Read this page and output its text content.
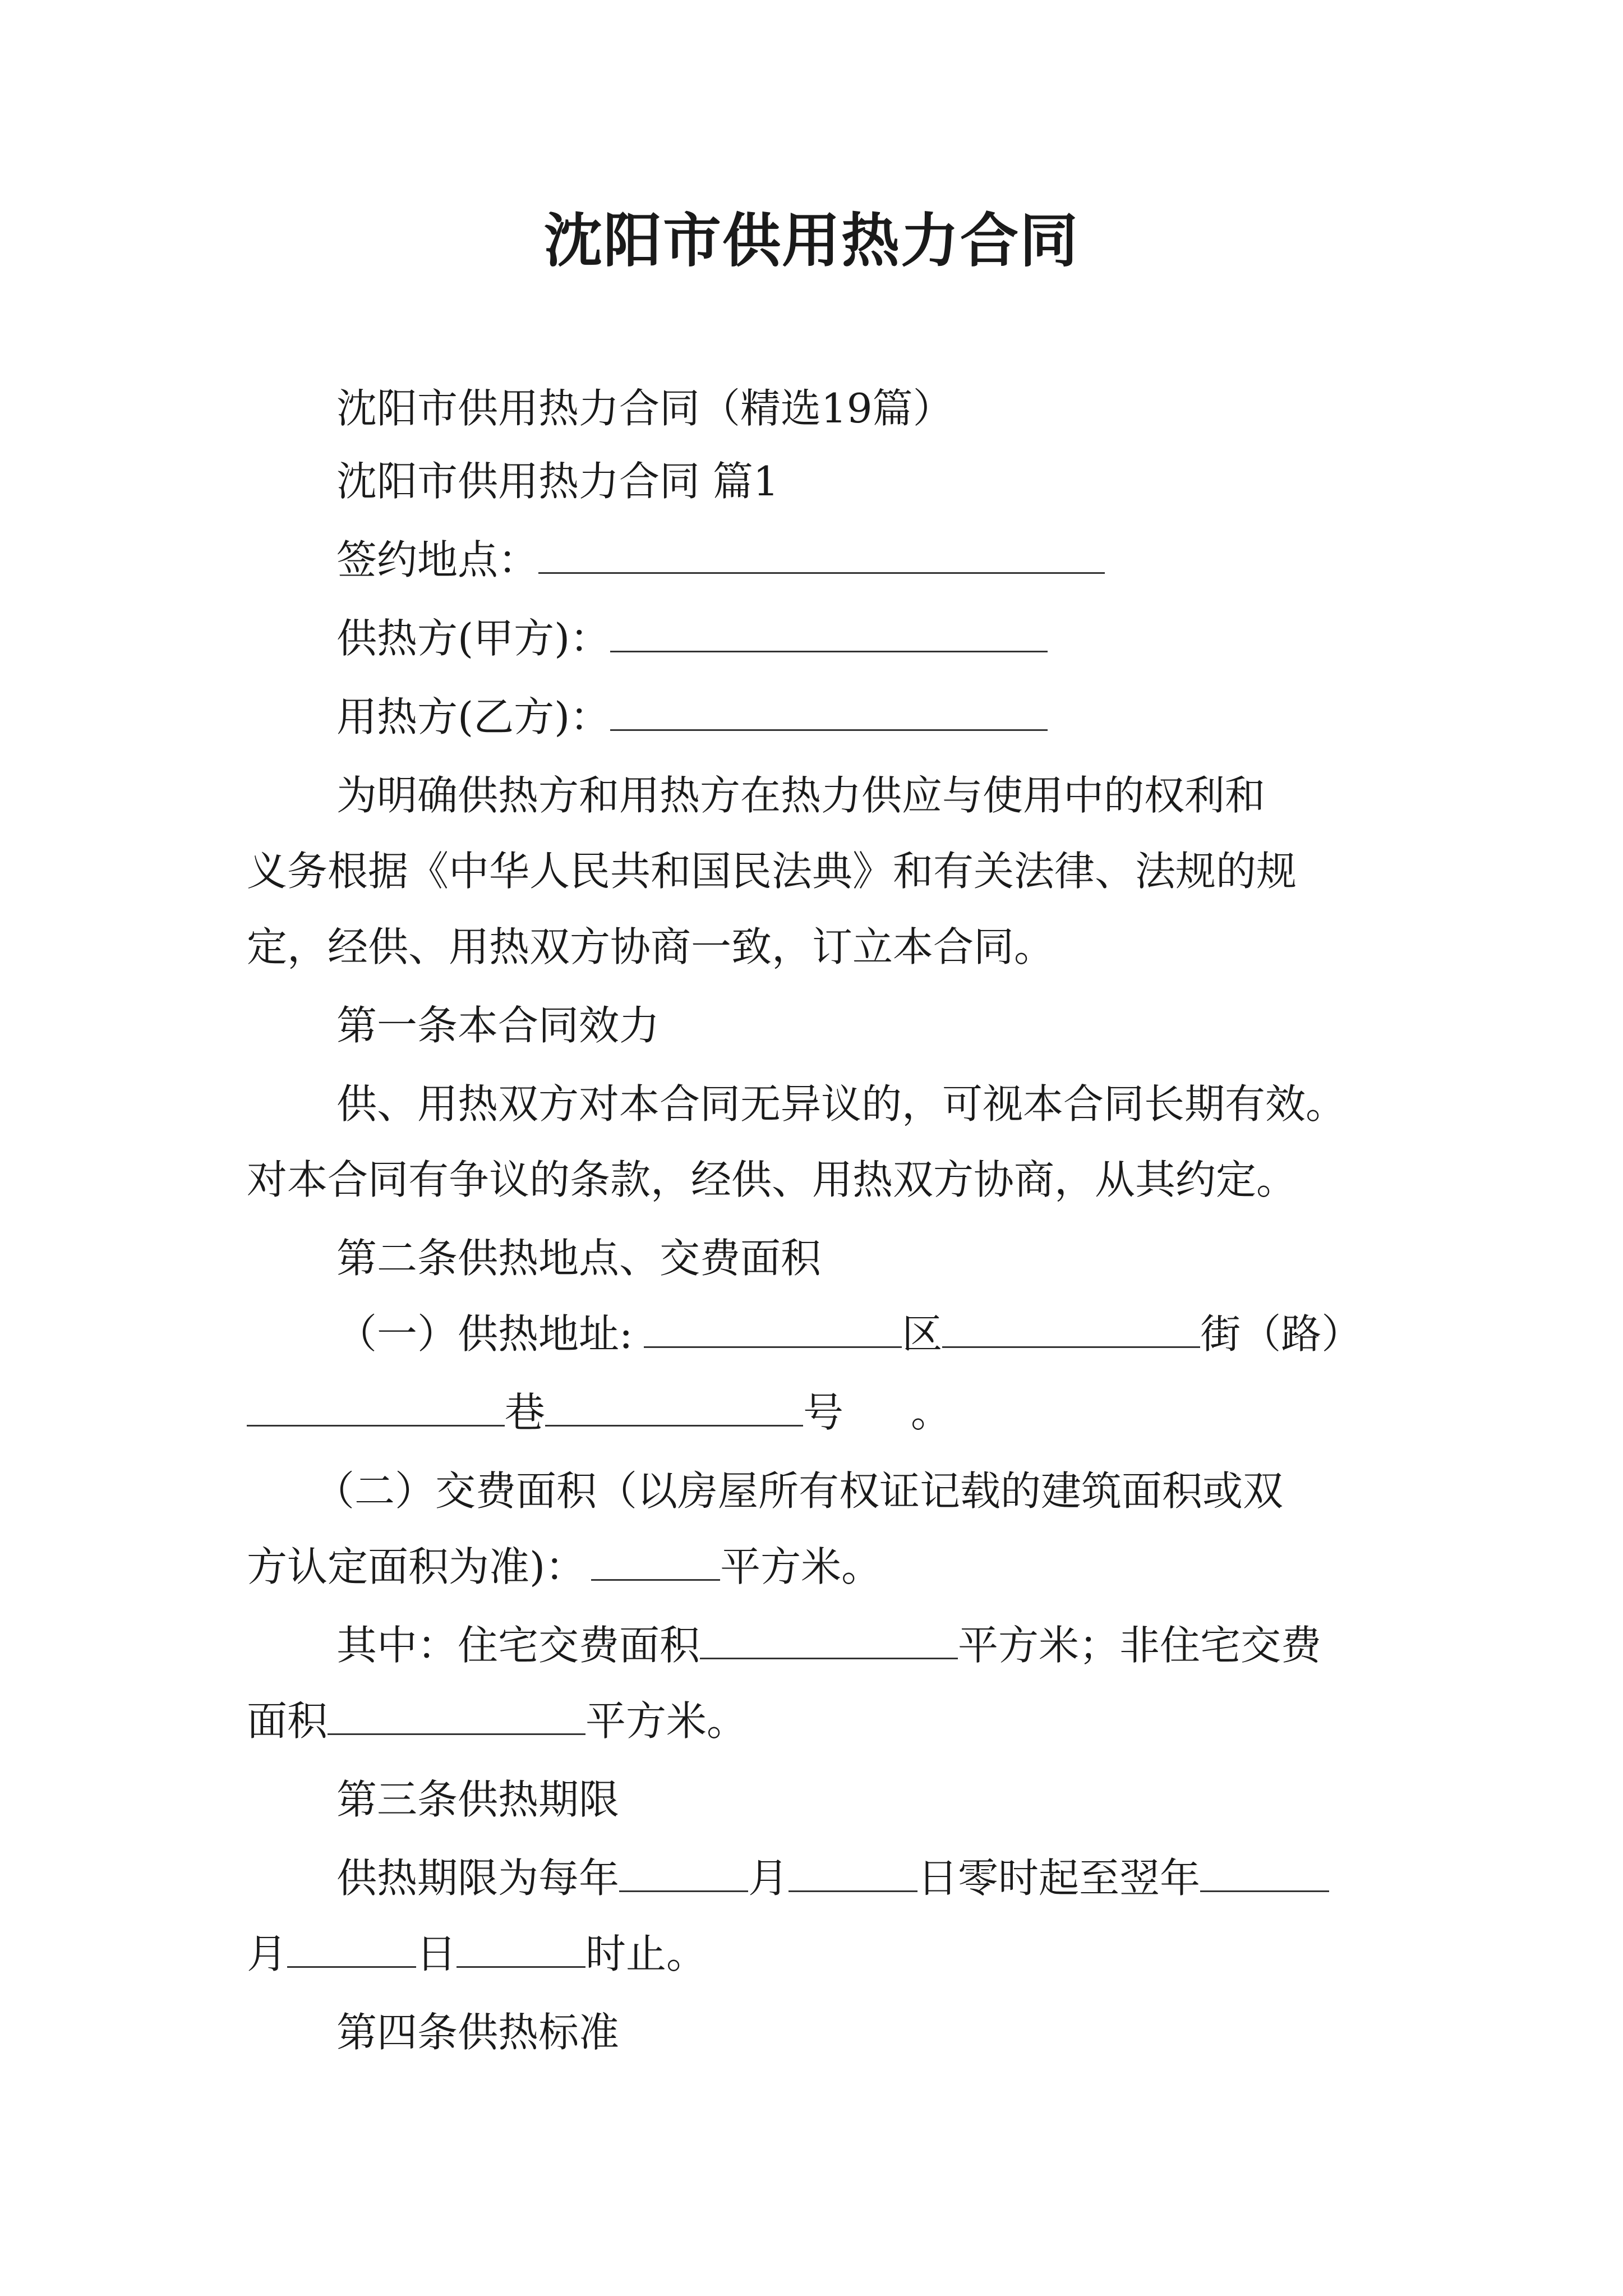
沈阳市供用热力合同
沈阳市供用热力合同（精选19篇）
沈阳市供用热力合同 篇1
签约地点：
供热方(甲方)：
用热方(乙方)：
为明确供热方和用热方在热力供应与使用中的权利和
义务根据《中华人民共和国民法典》和有关法律、法规的规
定，经供、用热双方协商一致，订立本合同。
第一条本合同效力
供、用热双方对本合同无异议的，可视本合同长期有效。
对本合同有争议的条款，经供、用热双方协商，从其约定。
第二条供热地点、交费面积
（一）供热地址:	区	街（路）
巷	号 。
（二）交费面积（以房屋所有权证记载的建筑面积或双
方认定面积为准)：	平方米。
其中：住宅交费面积	平方米；非住宅交费
面积	平方米。
第三条供热期限
供热期限为每年	月	日零时起至翌年
月	日	时止。
第四条供热标准
